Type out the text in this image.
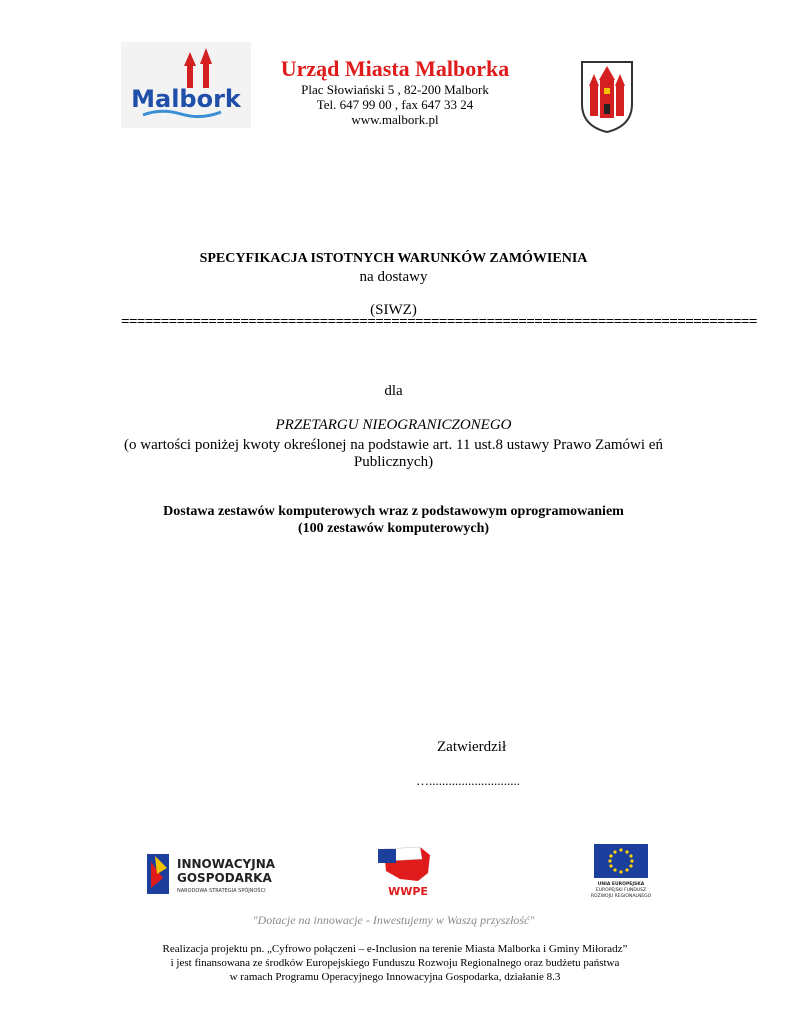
Malbork
Urząd Miasta Malborka
Plac Słowiański 5 , 82-200 Malbork
Tel. 647 99 00 , fax 647 33 24
www.malbork.pl
SPECYFIKACJA ISTOTNYCH WARUNKÓW ZAMÓWIENIA
na dostawy
(SIWZ)
================================================================================
dla
PRZETARGU NIEOGRANICZONEGO
(o wartości poniżej kwoty określonej na podstawie art. 11 ust.8 ustawy Prawo Zamówi eń
Publicznych)
Dostawa zestawów komputerowych wraz z podstawowym oprogramowaniem
(100 zestawów komputerowych)
Zatwierdził
…............................
INNOWACYJNA
GOSPODARKA
NARODOWA STRATEGIA SPÓJNOŚCI	WWPE
UNIA EUROPEJSKA
EUROPEJSKI FUNDUSZ
ROZWOJU REGIONALNEGO
"Dotacje na innowacje - Inwestujemy w Waszą przyszłość"
Realizacja projektu pn. „Cyfrowo połączeni – e-Inclusion na terenie Miasta Malborka i Gminy Miłoradz”
i jest finansowana ze środków Europejskiego Funduszu Rozwoju Regionalnego oraz budżetu państwa
w ramach Programu Operacyjnego Innowacyjna Gospodarka, działanie 8.3
